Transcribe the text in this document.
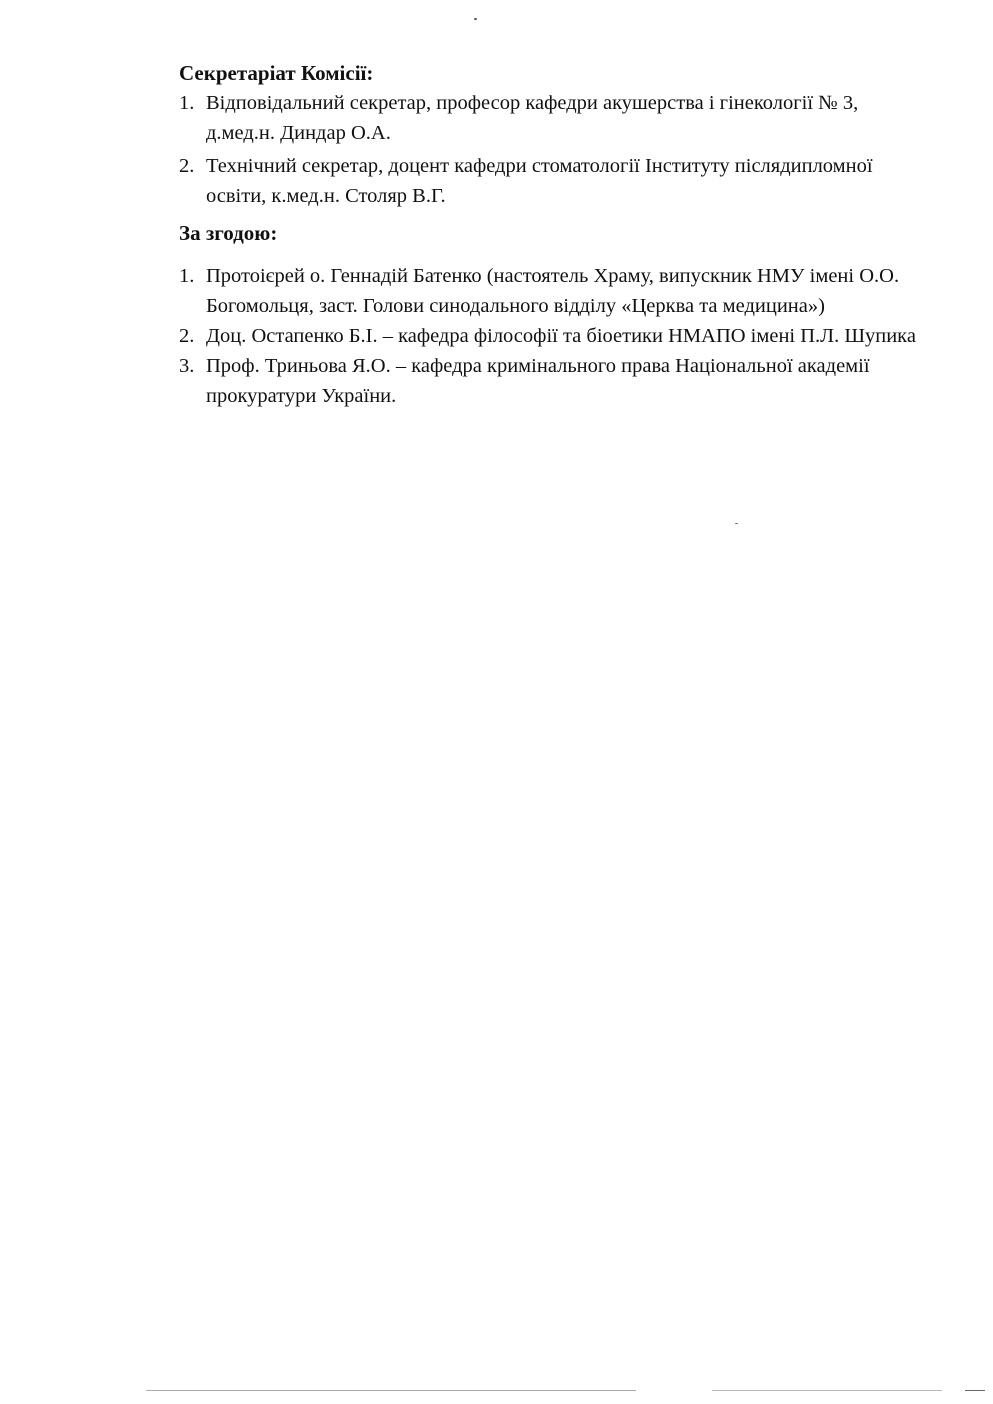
Секретаріат Комісії:
1. Відповідальний секретар, професор кафедри акушерства і гінекології № 3, д.мед.н. Диндар О.А.
2. Технічний секретар, доцент кафедри стоматології Інституту післядипломної освіти, к.мед.н. Столяр В.Г.
За згодою:
1. Протоієрей о. Геннадій Батенко (настоятель Храму, випускник НМУ імені О.О. Богомольця, заст. Голови синодального відділу «Церква та медицина»)
2. Доц. Остапенко Б.І. – кафедра філософії та біоетики НМАПО імені П.Л. Шупика
3. Проф. Триньова Я.О. – кафедра кримінального права Національної академії прокуратури України.
